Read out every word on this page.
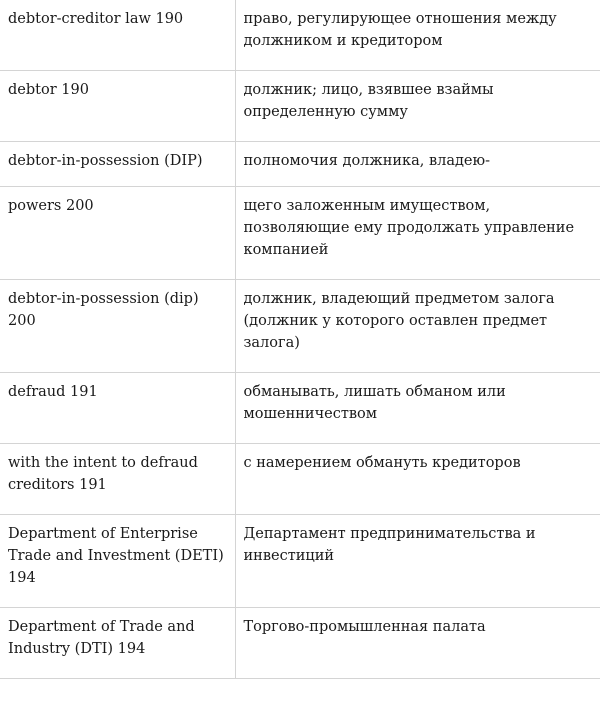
debtor-creditor law 190	право, регулирующее отношения между должником и кредитором
debtor 190	должник; лицо, взявшее взаймы определенную сумму
debtor-in-possession (DIP)	полномочия должника, владею-
powers 200	щего заложенным имуществом, позволяющие ему продолжать управление компанией
debtor-in-possession (dip) 200	должник, владеющий предметом залога (должник у которого оставлен предмет залога)
defraud 191	обманывать, лишать обманом или мошенничеством
with the intent to defraud creditors 191	с намерением обмануть кредиторов
Department of Enterprise Trade and Investment (DETI) 194	Департамент предпринимательства и инвестиций
Department of Trade and Industry (DTI) 194	Торгово-промышленная палата
